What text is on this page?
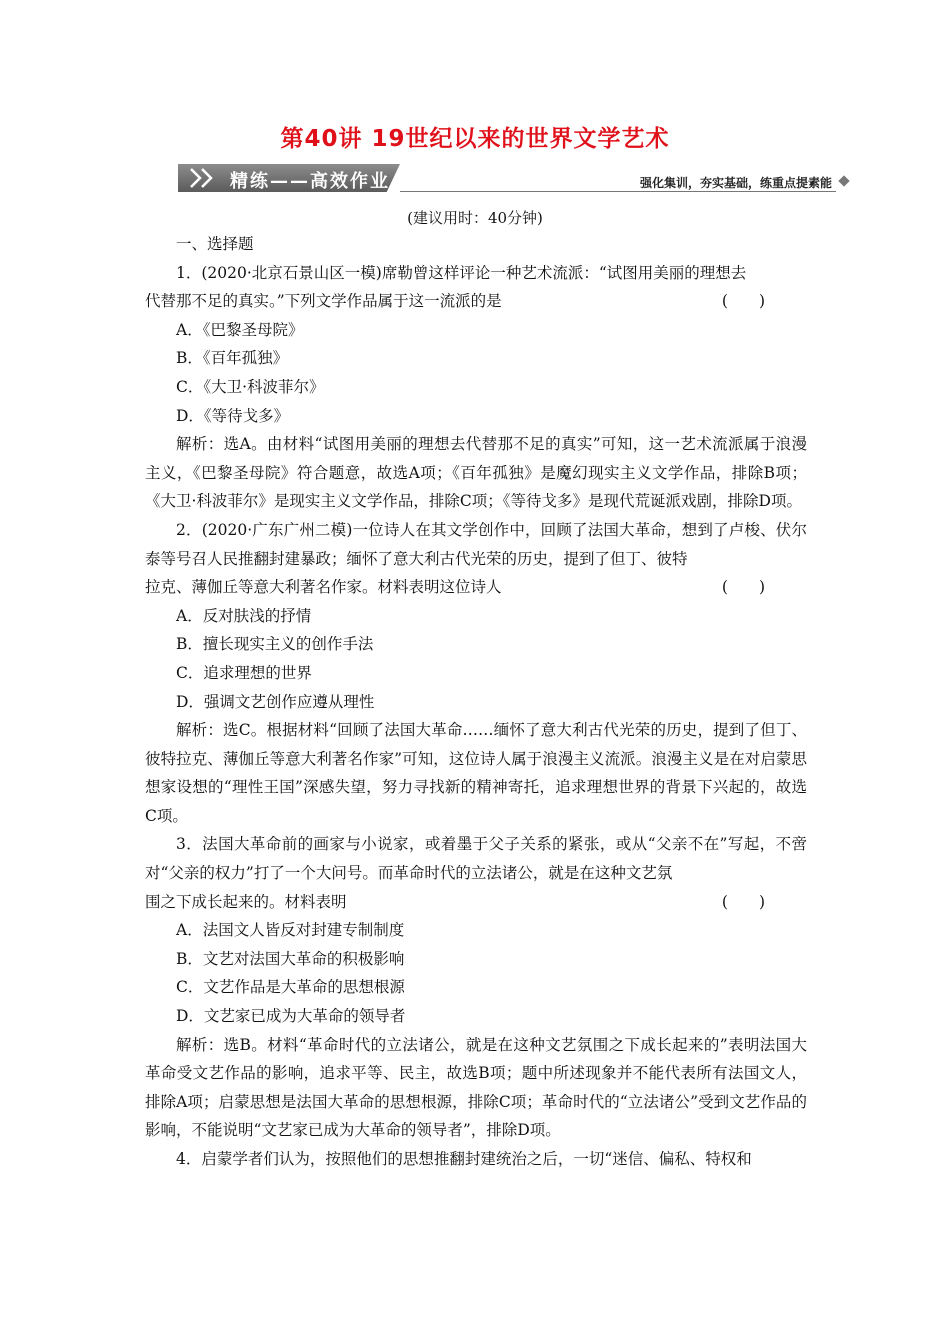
第40讲 19世纪以来的世界文学艺术
精练——高效作业	强化集训，夯实基础，练重点提素能
(建议用时：40分钟)

一、选择题

1．(2020·北京石景山区一模)席勒曾这样评论一种艺术流派：“试图用美丽的理想去

代替那不足的真实。”下列文学作品属于这一流派的是	(　　)

A．《巴黎圣母院》

B．《百年孤独》

C．《大卫·科波菲尔》

D．《等待戈多》

解析：选A。由材料“试图用美丽的理想去代替那不足的真实”可知，这一艺术流派属于浪漫主义，《巴黎圣母院》符合题意，故选A项；《百年孤独》是魔幻现实主义文学作品，排除B项；《大卫·科波菲尔》是现实主义文学作品，排除C项；《等待戈多》是现代荒诞派戏剧，排除D项。

2．(2020·广东广州二模)一位诗人在其文学创作中，回顾了法国大革命，想到了卢梭、伏尔泰等号召人民推翻封建暴政；缅怀了意大利古代光荣的历史，提到了但丁、彼特

拉克、薄伽丘等意大利著名作家。材料表明这位诗人	(　　)

A．反对肤浅的抒情

B．擅长现实主义的创作手法

C．追求理想的世界

D．强调文艺创作应遵从理性

解析：选C。根据材料“回顾了法国大革命……缅怀了意大利古代光荣的历史，提到了但丁、彼特拉克、薄伽丘等意大利著名作家”可知，这位诗人属于浪漫主义流派。浪漫主义是在对启蒙思想家设想的“理性王国”深感失望，努力寻找新的精神寄托，追求理想世界的背景下兴起的，故选C项。

3．法国大革命前的画家与小说家，或着墨于父子关系的紧张，或从“父亲不在”写起，不啻对“父亲的权力”打了一个大问号。而革命时代的立法诸公，就是在这种文艺氛

围之下成长起来的。材料表明	(　　)

A．法国文人皆反对封建专制制度

B．文艺对法国大革命的积极影响

C．文艺作品是大革命的思想根源

D．文艺家已成为大革命的领导者

解析：选B。材料“革命时代的立法诸公，就是在这种文艺氛围之下成长起来的”表明法国大革命受文艺作品的影响，追求平等、民主，故选B项；题中所述现象并不能代表所有法国文人，排除A项；启蒙思想是法国大革命的思想根源，排除C项；革命时代的“立法诸公”受到文艺作品的影响，不能说明“文艺家已成为大革命的领导者”，排除D项。

4．启蒙学者们认为，按照他们的思想推翻封建统治之后，一切“迷信、偏私、特权和
